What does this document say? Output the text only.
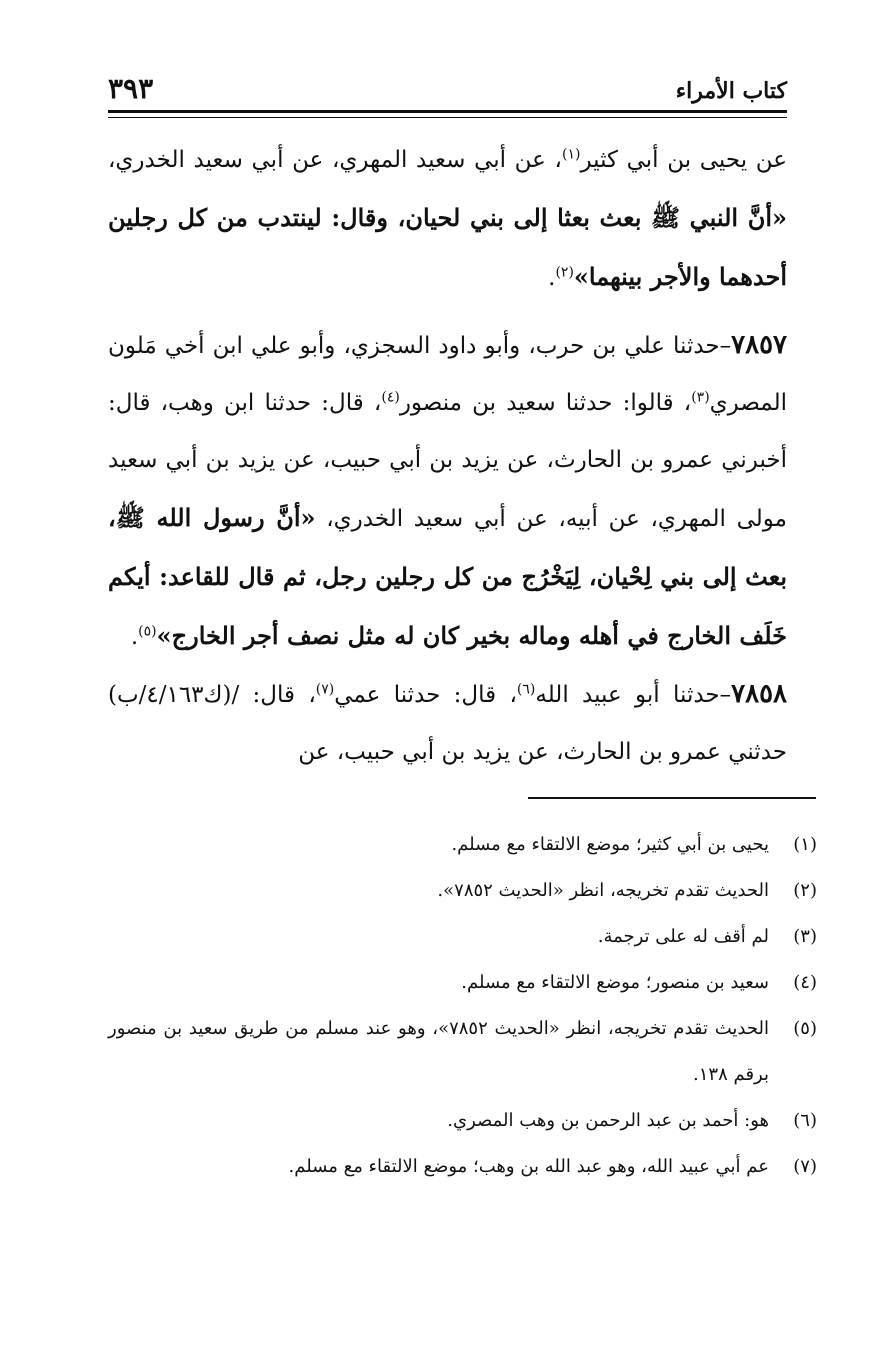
كتاب الأمراء
٣٩٣

عن يحيى بن أبي كثير$^{(١)}$، عن أبي سعيد المهري، عن أبي سعيد الخدري، «أنَّ النبي ﷺ بعث بعثا إلى بني لحيان، وقال: لينتدب من كل رجلين أحدهما والأجر بينهما»$^{(٢)}$.

٧٨٥٧–حدثنا علي بن حرب، وأبو داود السجزي، وأبو علي ابن أخي مَلون المصري$^{(٣)}$، قالوا: حدثنا سعيد بن منصور$^{(٤)}$، قال: حدثنا ابن وهب، قال: أخبرني عمرو بن الحارث، عن يزيد بن أبي حبيب، عن يزيد بن أبي سعيد مولى المهري، عن أبيه، عن أبي سعيد الخدري، «أنَّ رسول الله ﷺ، بعث إلى بني لِحْيان، لِيَخْرُج من كل رجلين رجل، ثم قال للقاعد: أيكم خَلَف الخارج في أهله وماله بخير كان له مثل نصف أجر الخارج»$^{(٥)}$.

٧٨٥٨–حدثنا أبو عبيد الله$^{(٦)}$، قال: حدثنا عمي$^{(٧)}$، قال: /(ك٤/١٦٣/ب) حدثني عمرو بن الحارث، عن يزيد بن أبي حبيب، عن

(١)
يحيى بن أبي كثير؛ موضع الالتقاء مع مسلم.
(٢)
الحديث تقدم تخريجه، انظر «الحديث ٧٨٥٢».
(٣)
لم أقف له على ترجمة.
(٤)
سعيد بن منصور؛ موضع الالتقاء مع مسلم.
(٥)
الحديث تقدم تخريجه، انظر «الحديث ٧٨٥٢»، وهو عند مسلم من طريق سعيد بن منصور برقم ١٣٨.
(٦)
هو: أحمد بن عبد الرحمن بن وهب المصري.
(٧)
عم أبي عبيد الله، وهو عبد الله بن وهب؛ موضع الالتقاء مع مسلم.
